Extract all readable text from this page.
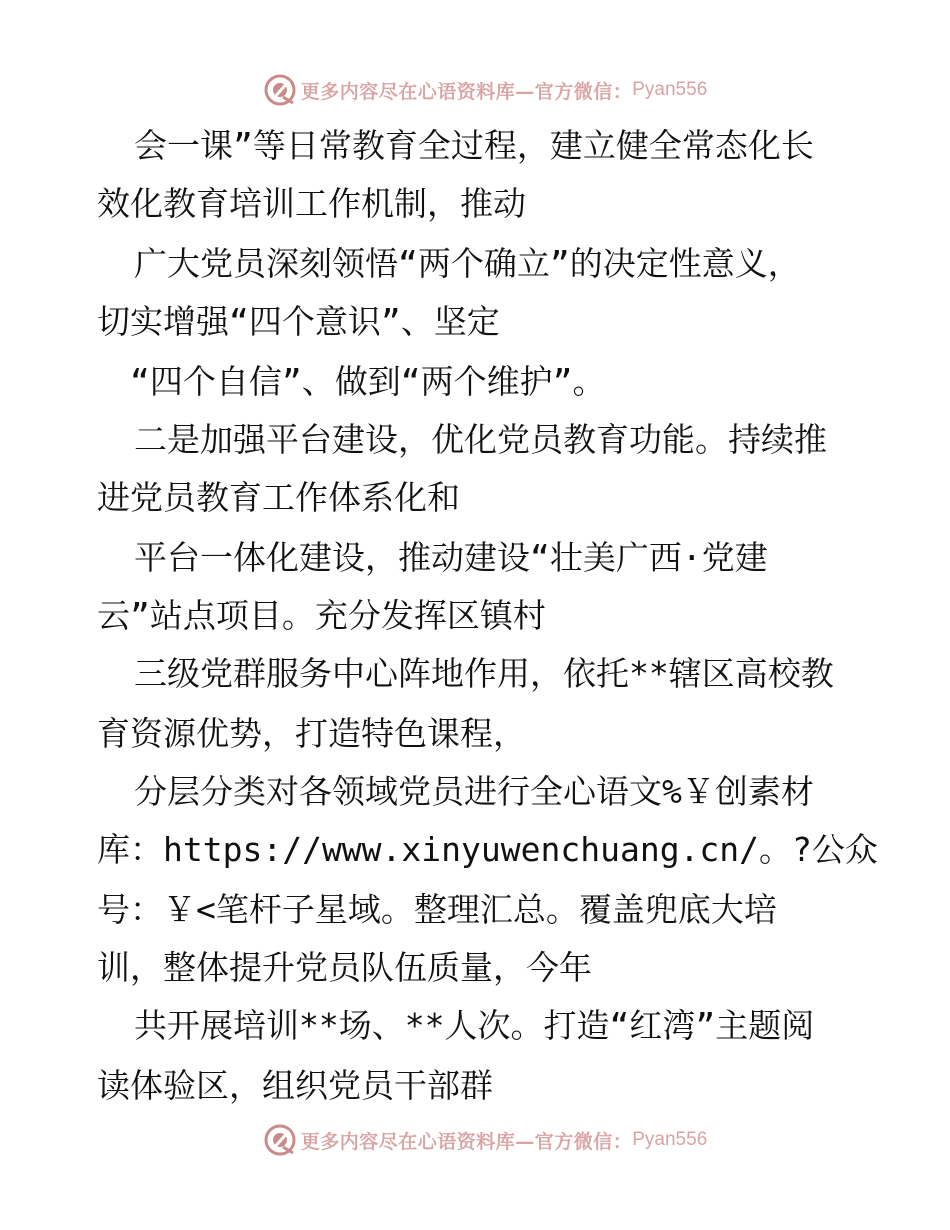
更多内容尽在心语资料库—官方微信： Pyan556
会一课”等日常教育全过程，建立健全常态化长
效化教育培训工作机制，推动
广大党员深刻领悟“两个确立”的决定性意义，
切实增强“四个意识”、坚定
“四个自信”、做到“两个维护”。
二是加强平台建设，优化党员教育功能。持续推
进党员教育工作体系化和
平台一体化建设，推动建设“壮美广西·党建
云”站点项目。充分发挥区镇村
三级党群服务中心阵地作用，依托**辖区高校教
育资源优势，打造特色课程，
分层分类对各领域党员进行全心语文%￥创素材
库：https://www.xinyuwenchuang.cn/。?公众
号：￥<笔杆子星域。整理汇总。覆盖兜底大培
训，整体提升党员队伍质量，今年
共开展培训**场、**人次。打造“红湾”主题阅
读体验区，组织党员干部群
更多内容尽在心语资料库—官方微信： Pyan556
